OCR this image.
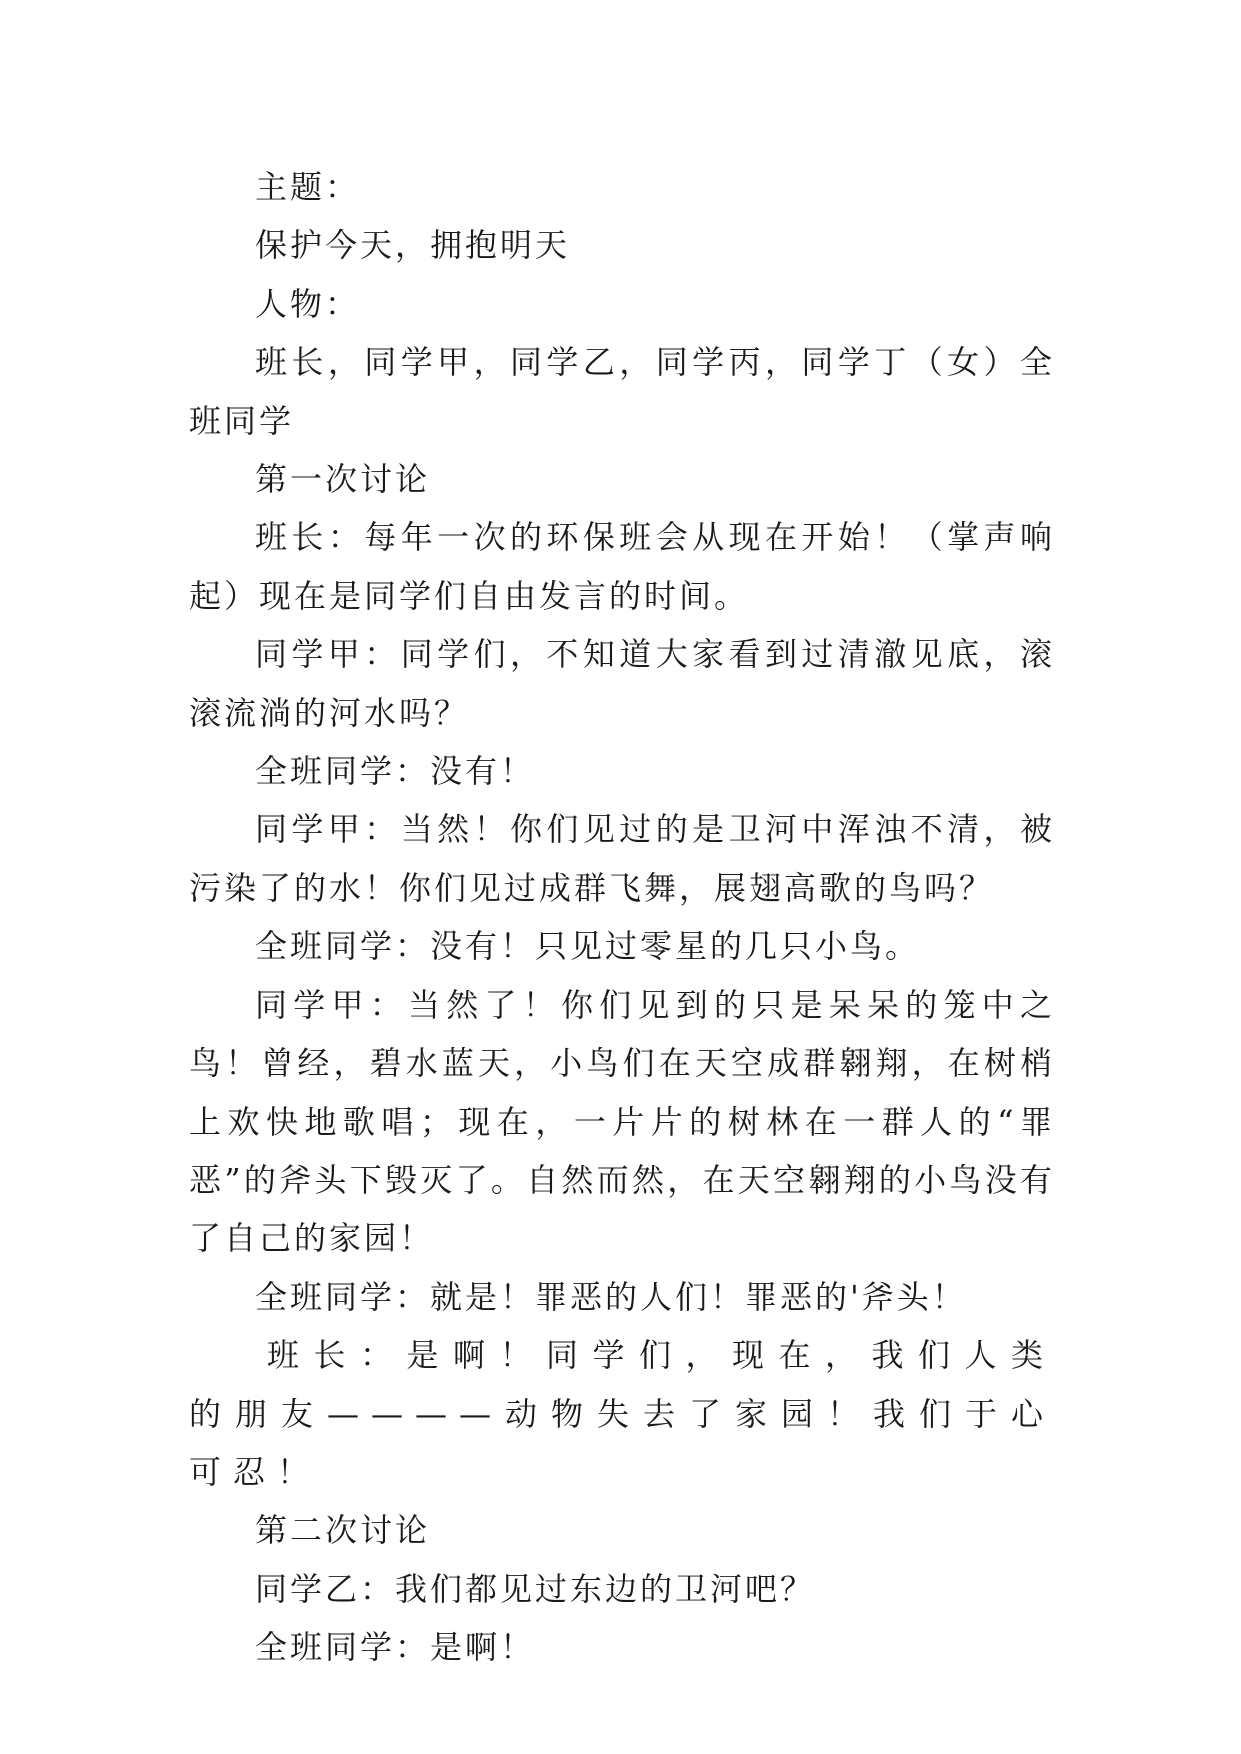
主题：

保护今天，拥抱明天

人物：

班长，同学甲，同学乙，同学丙，同学丁（女）全班同学

第一次讨论

班长：每年一次的环保班会从现在开始！（掌声响起）现在是同学们自由发言的时间。

同学甲：同学们，不知道大家看到过清澈见底，滚滚流淌的河水吗？

全班同学：没有！

同学甲：当然！你们见过的是卫河中浑浊不清，被污染了的水！你们见过成群飞舞，展翅高歌的鸟吗？

全班同学：没有！只见过零星的几只小鸟。

同学甲：当然了！你们见到的只是呆呆的笼中之鸟！曾经，碧水蓝天，小鸟们在天空成群翱翔，在树梢上欢快地歌唱；现在，一片片的树林在一群人的“罪恶”的斧头下毁灭了。自然而然，在天空翱翔的小鸟没有了自己的家园！

全班同学：就是！罪恶的人们！罪恶的'斧头！

班长：是啊！同学们，现在，我们人类的朋友————动物失去了家园！我们于心可忍！

第二次讨论

同学乙：我们都见过东边的卫河吧？

全班同学：是啊！
